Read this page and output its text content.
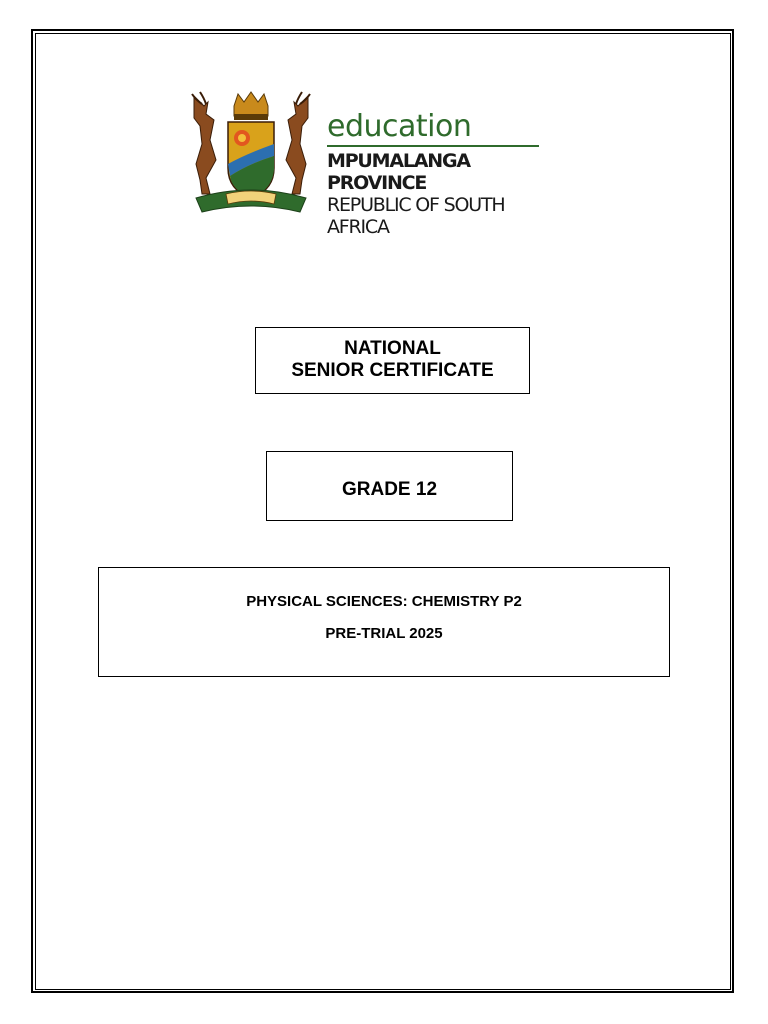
education
MPUMALANGA PROVINCE
REPUBLIC OF SOUTH AFRICA
NATIONAL
SENIOR CERTIFICATE
GRADE 12
PHYSICAL SCIENCES: CHEMISTRY P2
PRE-TRIAL 2025
